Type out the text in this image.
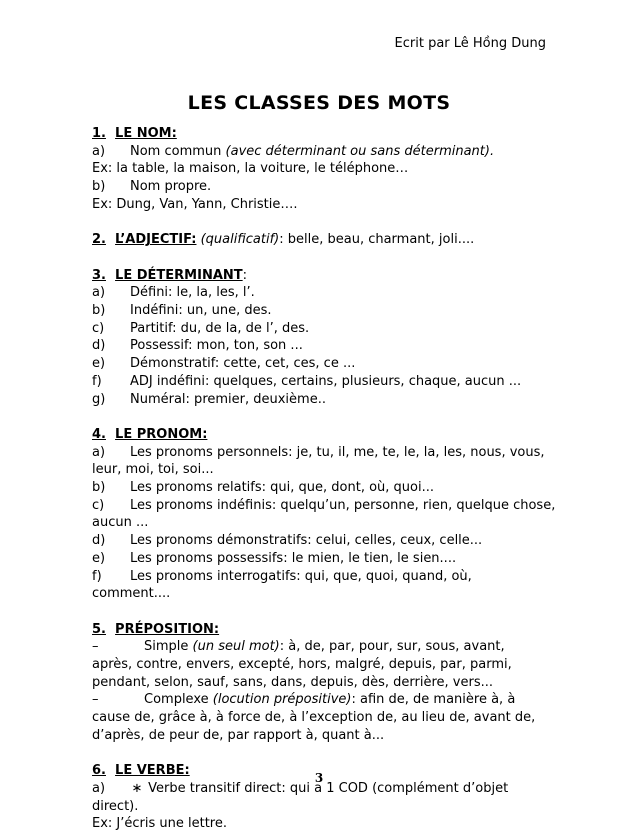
Ecrit par Lê Hồng Dung
LES CLASSES DES MOTS
1. LE NOM:
a) Nom commun (avec déterminant ou sans déterminant).
Ex: la table, la maison, la voiture, le téléphone…
b) Nom propre.
Ex: Dung, Van, Yann, Christie….
2. L’ADJECTIF: (qualificatif): belle, beau, charmant, joli....
3. LE DÉTERMINANT:
a) Défini: le, la, les, l’.
b) Indéfini: un, une, des.
c) Partitif: du, de la, de l’, des.
d) Possessif: mon, ton, son ...
e) Démonstratif: cette, cet, ces, ce ...
f) ADJ indéfini: quelques, certains, plusieurs, chaque, aucun ...
g) Numéral: premier, deuxième..
4. LE PRONOM:
a) Les pronoms personnels: je, tu, il, me, te, le, la, les, nous, vous,
leur, moi, toi, soi...
b) Les pronoms relatifs: qui, que, dont, où, quoi...
c) Les pronoms indéfinis: quelqu’un, personne, rien, quelque chose,
aucun ...
d) Les pronoms démonstratifs: celui, celles, ceux, celle...
e) Les pronoms possessifs: le mien, le tien, le sien....
f) Les pronoms interrogatifs: qui, que, quoi, quand, où,
comment....
5. PRÉPOSITION:
–	Simple (un seul mot): à, de, par, pour, sur, sous, avant,
après, contre, envers, excepté, hors, malgré, depuis, par, parmi,
pendant, selon, sauf, sans, dans, depuis, dès, derrière, vers...
–	Complexe (locution prépositive): afin de, de manière à, à
cause de, grâce à, à force de, à l’exception de, au lieu de, avant de,
d’après, de peur de, par rapport à, quant à...
6. LE VERBE:
a) ∗ Verbe transitif direct: qui a 1 COD (complément d’objet
direct).
Ex: J’écris une lettre.
3
